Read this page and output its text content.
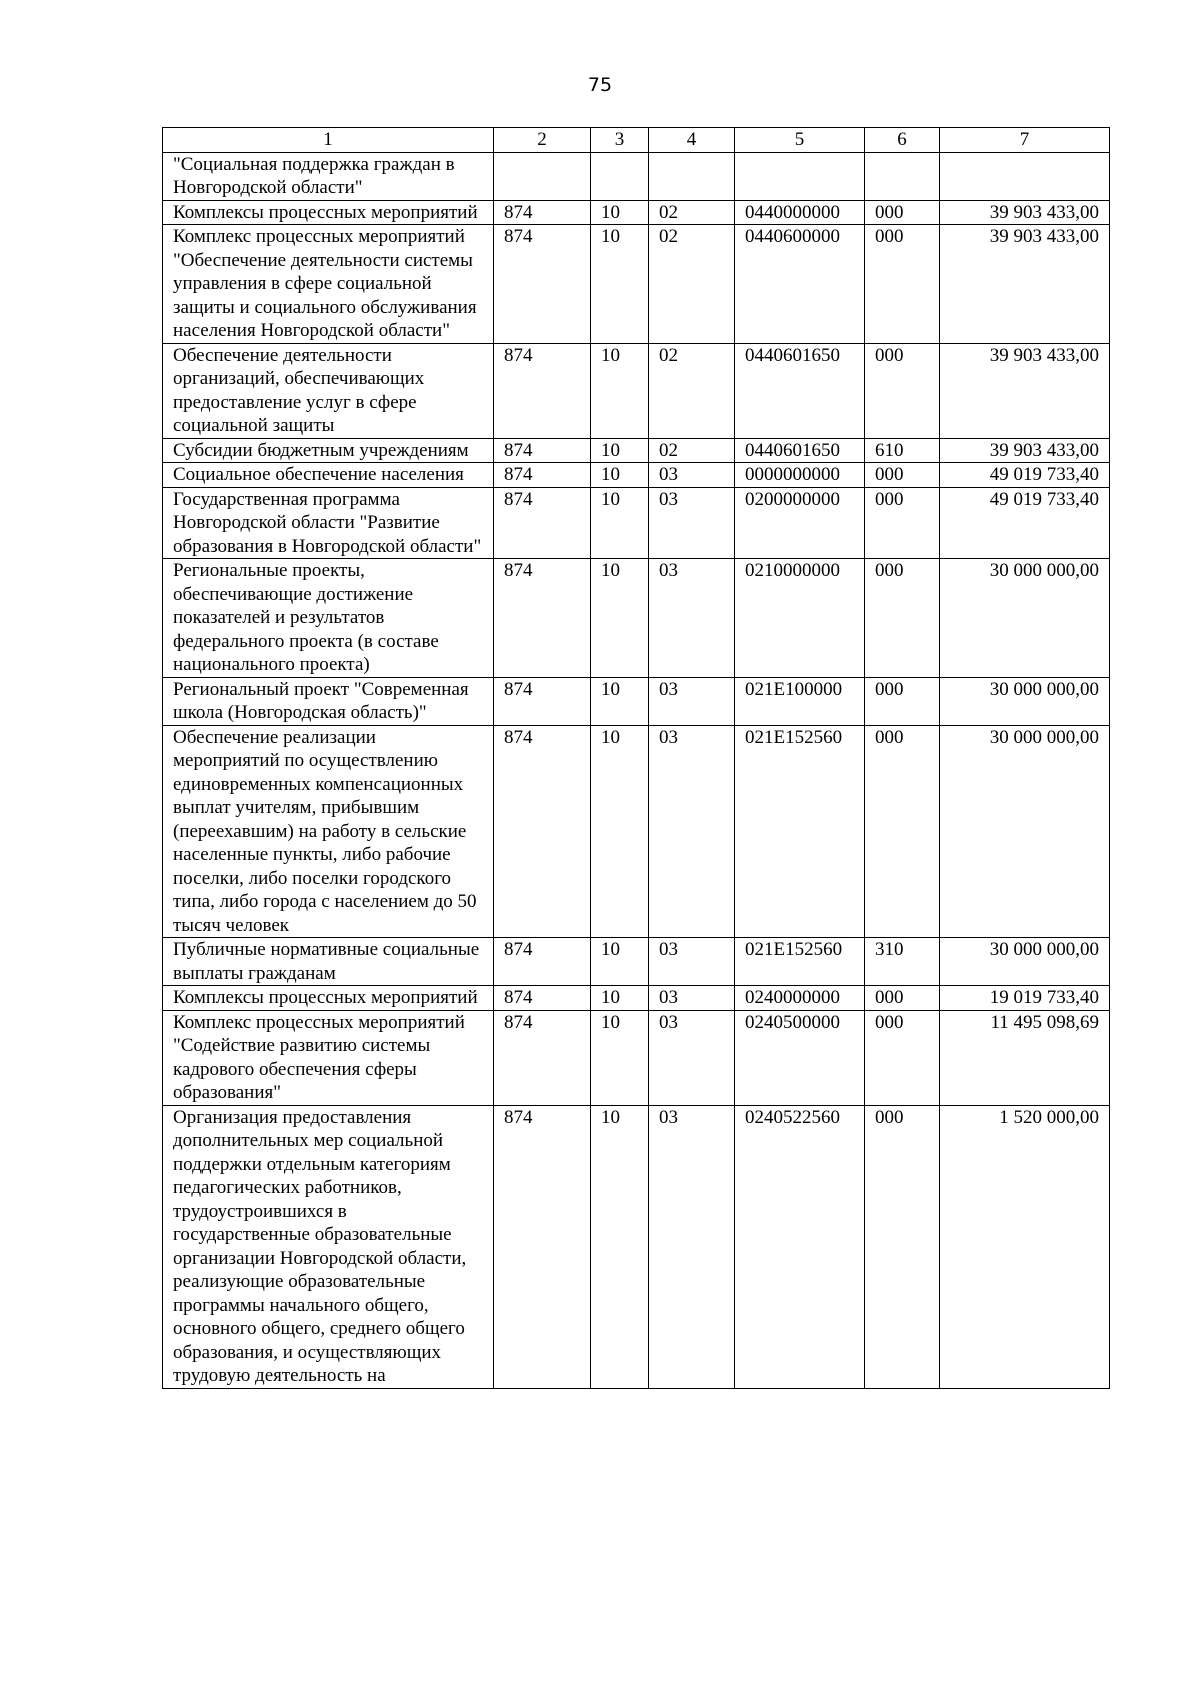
75
1	2	3	4	5	6	7
"Социальная поддержка граждан в Новгородской области"						
Комплексы процессных мероприятий	874	10	02	0440000000	000	39 903 433,00
Комплекс процессных мероприятий "Обеспечение деятельности системы управления в сфере социальной защиты и социального обслуживания населения Новгородской области"	874	10	02	0440600000	000	39 903 433,00
Обеспечение деятельности организаций, обеспечивающих предоставление услуг в сфере социальной защиты	874	10	02	0440601650	000	39 903 433,00
Субсидии бюджетным учреждениям	874	10	02	0440601650	610	39 903 433,00
Социальное обеспечение населения	874	10	03	0000000000	000	49 019 733,40
Государственная программа Новгородской области "Развитие образования в Новгородской области"	874	10	03	0200000000	000	49 019 733,40
Региональные проекты, обеспечивающие достижение показателей и результатов федерального проекта (в составе национального проекта)	874	10	03	0210000000	000	30 000 000,00
Региональный проект "Современная школа (Новгородская область)"	874	10	03	021E100000	000	30 000 000,00
Обеспечение реализации мероприятий по осуществлению единовременных компенсационных выплат учителям, прибывшим (переехавшим) на работу в сельские населенные пункты, либо рабочие поселки, либо поселки городского типа, либо города с населением до 50 тысяч человек	874	10	03	021E152560	000	30 000 000,00
Публичные нормативные социальные выплаты гражданам	874	10	03	021E152560	310	30 000 000,00
Комплексы процессных мероприятий	874	10	03	0240000000	000	19 019 733,40
Комплекс процессных мероприятий "Содействие развитию системы кадрового обеспечения сферы образования"	874	10	03	0240500000	000	11 495 098,69
Организация предоставления дополнительных мер социальной поддержки отдельным категориям педагогических работников, трудоустроившихся в государственные образовательные организации Новгородской области, реализующие образовательные программы начального общего, основного общего, среднего общего образования, и осуществляющих трудовую деятельность на	874	10	03	0240522560	000	1 520 000,00
